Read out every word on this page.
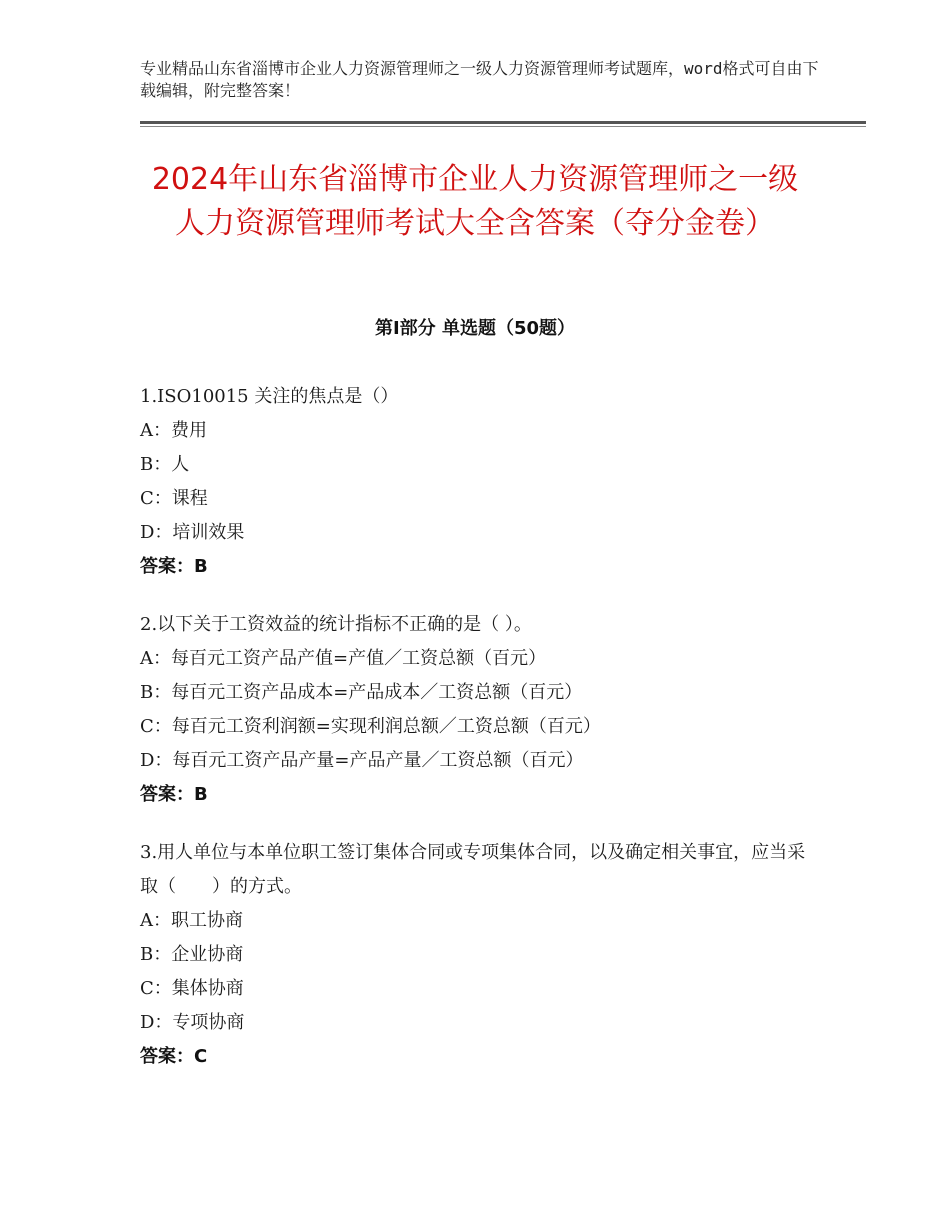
专业精品山东省淄博市企业人力资源管理师之一级人力资源管理师考试题库，word格式可自由下载编辑，附完整答案！
2024年山东省淄博市企业人力资源管理师之一级人力资源管理师考试大全含答案（夺分金卷）
第Ⅰ部分 单选题（50题）
1.ISO10015 关注的焦点是（）
A：费用
B：人
C：课程
D：培训效果
答案：B
2.以下关于工资效益的统计指标不正确的是（ ）。
A：每百元工资产品产值=产值／工资总额（百元）
B：每百元工资产品成本=产品成本／工资总额（百元）
C：每百元工资利润额=实现利润总额／工资总额（百元）
D：每百元工资产品产量=产品产量／工资总额（百元）
答案：B
3.用人单位与本单位职工签订集体合同或专项集体合同，以及确定相关事宜，应当采取（　　）的方式。
A：职工协商
B：企业协商
C：集体协商
D：专项协商
答案：C
